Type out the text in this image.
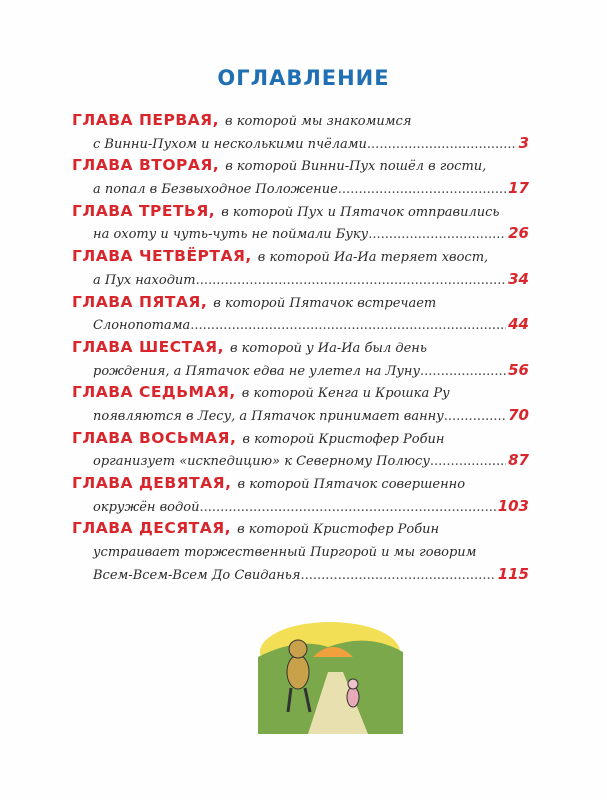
ОГЛАВЛЕНИЕ
ГЛАВА ПЕРВАЯ, в которой мы знакомимся
с Винни-Пухом и несколькими пчёлами .....	3
ГЛАВА ВТОРАЯ, в которой Винни-Пух пошёл в гости,
а попал в Безвыходное Положение .....	17
ГЛАВА ТРЕТЬЯ, в которой Пух и Пятачок отправились
на охоту и чуть-чуть не поймали Буку .....	26
ГЛАВА ЧЕТВЁРТАЯ, в которой Иа-Иа теряет хвост,
а Пух находит .....	34
ГЛАВА ПЯТАЯ, в которой Пятачок встречает
Слонопотама .....	44
ГЛАВА ШЕСТАЯ, в которой у Иа-Иа был день
рождения, а Пятачок едва не улетел на Луну .....	56
ГЛАВА СЕДЬМАЯ, в которой Кенга и Крошка Ру
появляются в Лесу, а Пятачок принимает ванну .....	70
ГЛАВА ВОСЬМАЯ, в которой Кристофер Робин
организует «искпедицию» к Северному Полюсу .....	87
ГЛАВА ДЕВЯТАЯ, в которой Пятачок совершенно
окружён водой .....	103
ГЛАВА ДЕСЯТАЯ, в которой Кристофер Робин
устраивает торжественный Пиргорой и мы говорим
Всем-Всем-Всем До Свиданья .....	115
